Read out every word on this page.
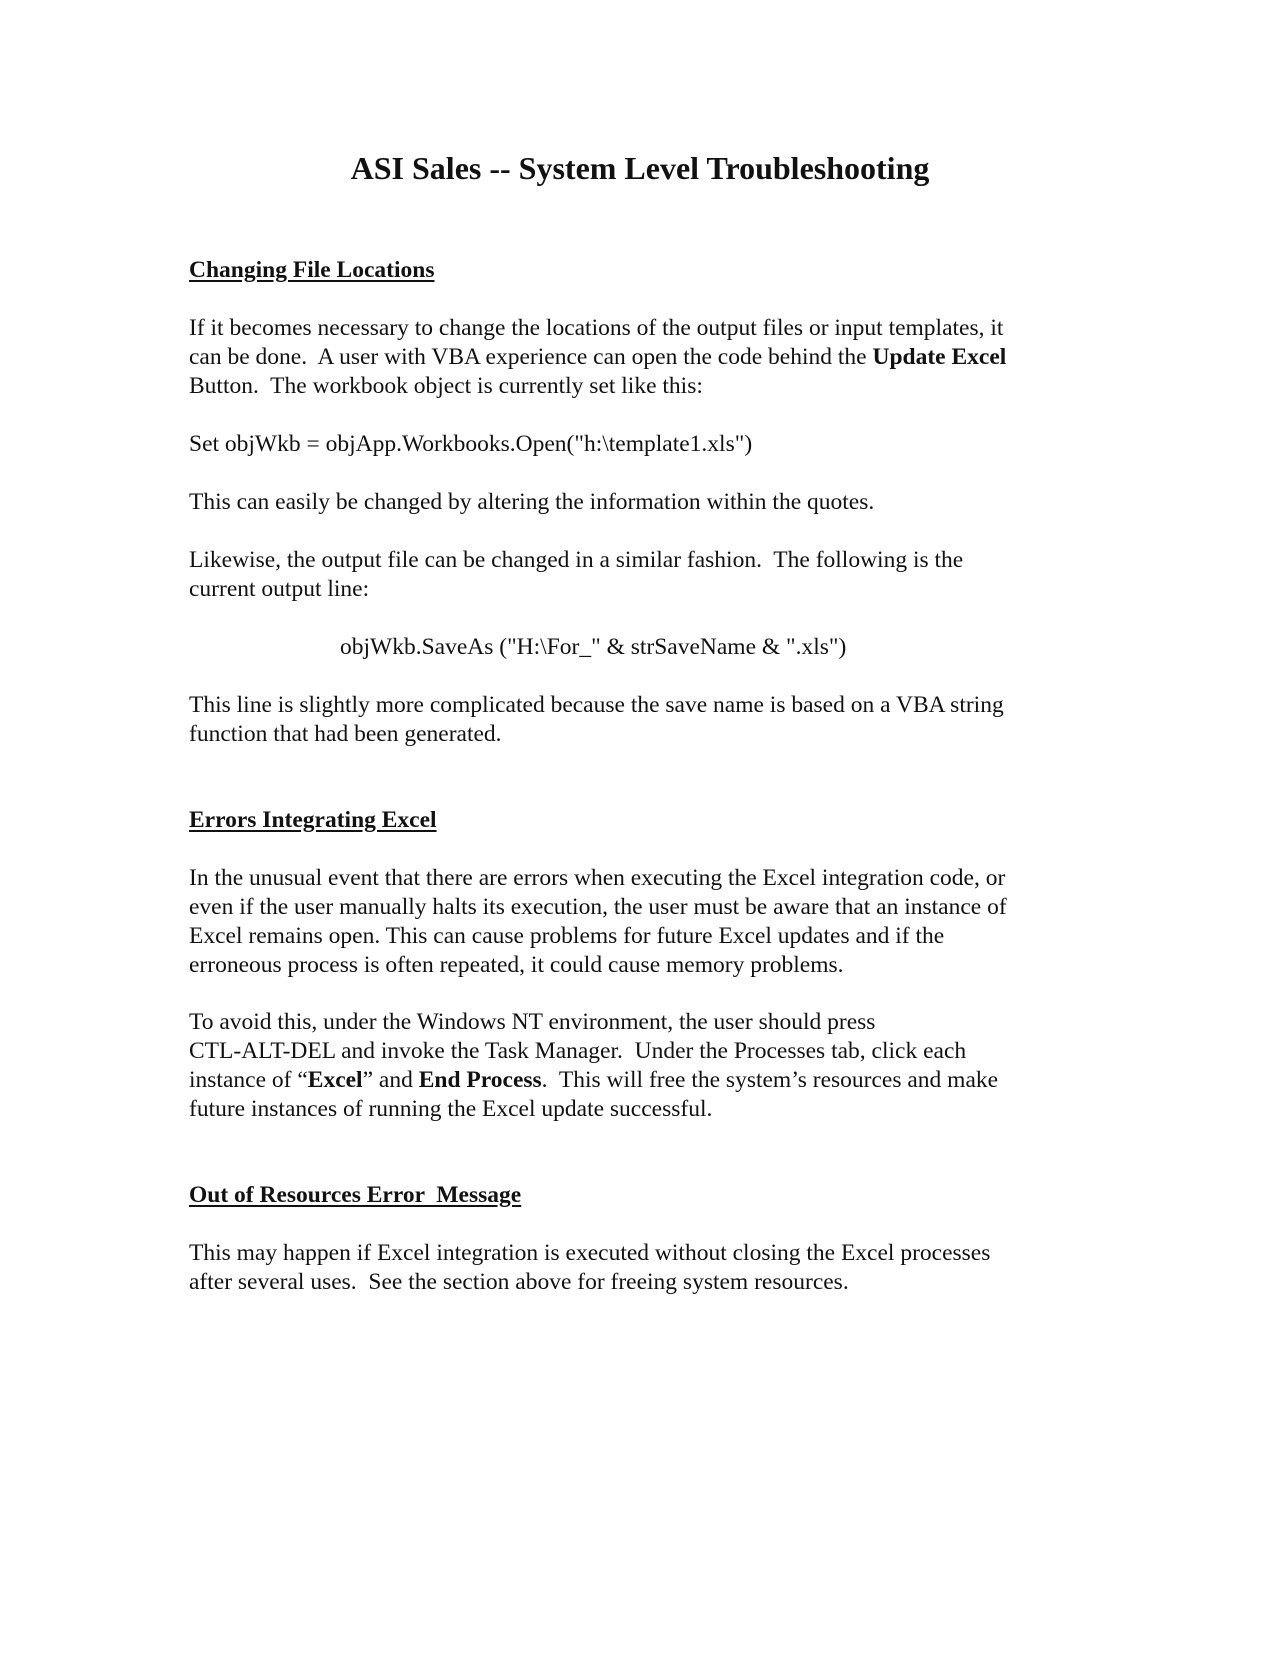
ASI Sales -- System Level Troubleshooting
Changing File Locations

If it becomes necessary to change the locations of the output files or input templates, it
can be done.  A user with VBA experience can open the code behind the Update Excel
Button.  The workbook object is currently set like this:

Set objWkb = objApp.Workbooks.Open("h:\template1.xls")

This can easily be changed by altering the information within the quotes.

Likewise, the output file can be changed in a similar fashion.  The following is the
current output line:

objWkb.SaveAs ("H:\For_" & strSaveName & ".xls")

This line is slightly more complicated because the save name is based on a VBA string
function that had been generated.

Errors Integrating Excel

In the unusual event that there are errors when executing the Excel integration code, or
even if the user manually halts its execution, the user must be aware that an instance of
Excel remains open. This can cause problems for future Excel updates and if the
erroneous process is often repeated, it could cause memory problems.

To avoid this, under the Windows NT environment, the user should press
CTL-ALT-DEL and invoke the Task Manager.  Under the Processes tab, click each
instance of “Excel” and End Process.  This will free the system’s resources and make
future instances of running the Excel update successful.

Out of Resources Error  Message

This may happen if Excel integration is executed without closing the Excel processes
after several uses.  See the section above for freeing system resources.
